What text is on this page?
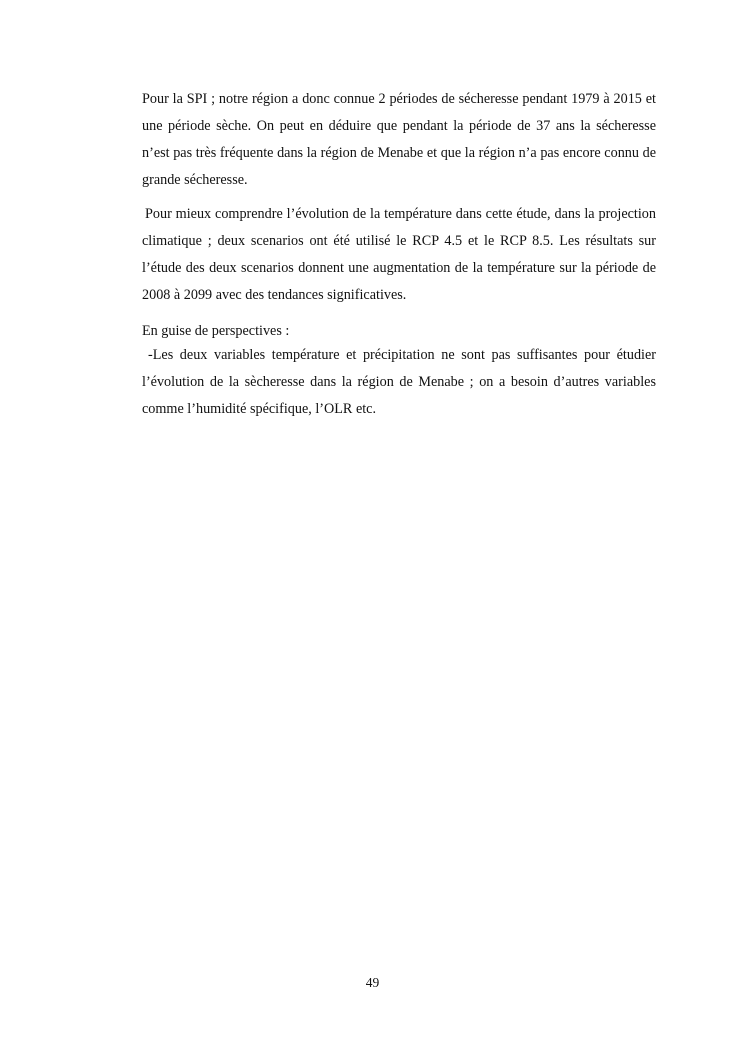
Pour la SPI ; notre région a donc connue 2 périodes de sécheresse pendant 1979 à 2015 et une période sèche. On peut en déduire que pendant la période de 37 ans la sécheresse n’est pas très fréquente dans la région de Menabe et que la région n’a pas encore connu de grande sécheresse.

Pour mieux comprendre l’évolution de la température dans cette étude, dans la projection climatique ; deux scenarios ont été utilisé le RCP 4.5 et le RCP 8.5. Les résultats sur l’étude des deux scenarios donnent une augmentation de la température sur la période de 2008 à 2099 avec des tendances significatives.

En guise de perspectives :

-Les deux variables température et précipitation ne sont pas suffisantes pour étudier l’évolution de la sècheresse dans la région de Menabe ; on a besoin d’autres variables comme l’humidité spécifique, l’OLR etc.

49
